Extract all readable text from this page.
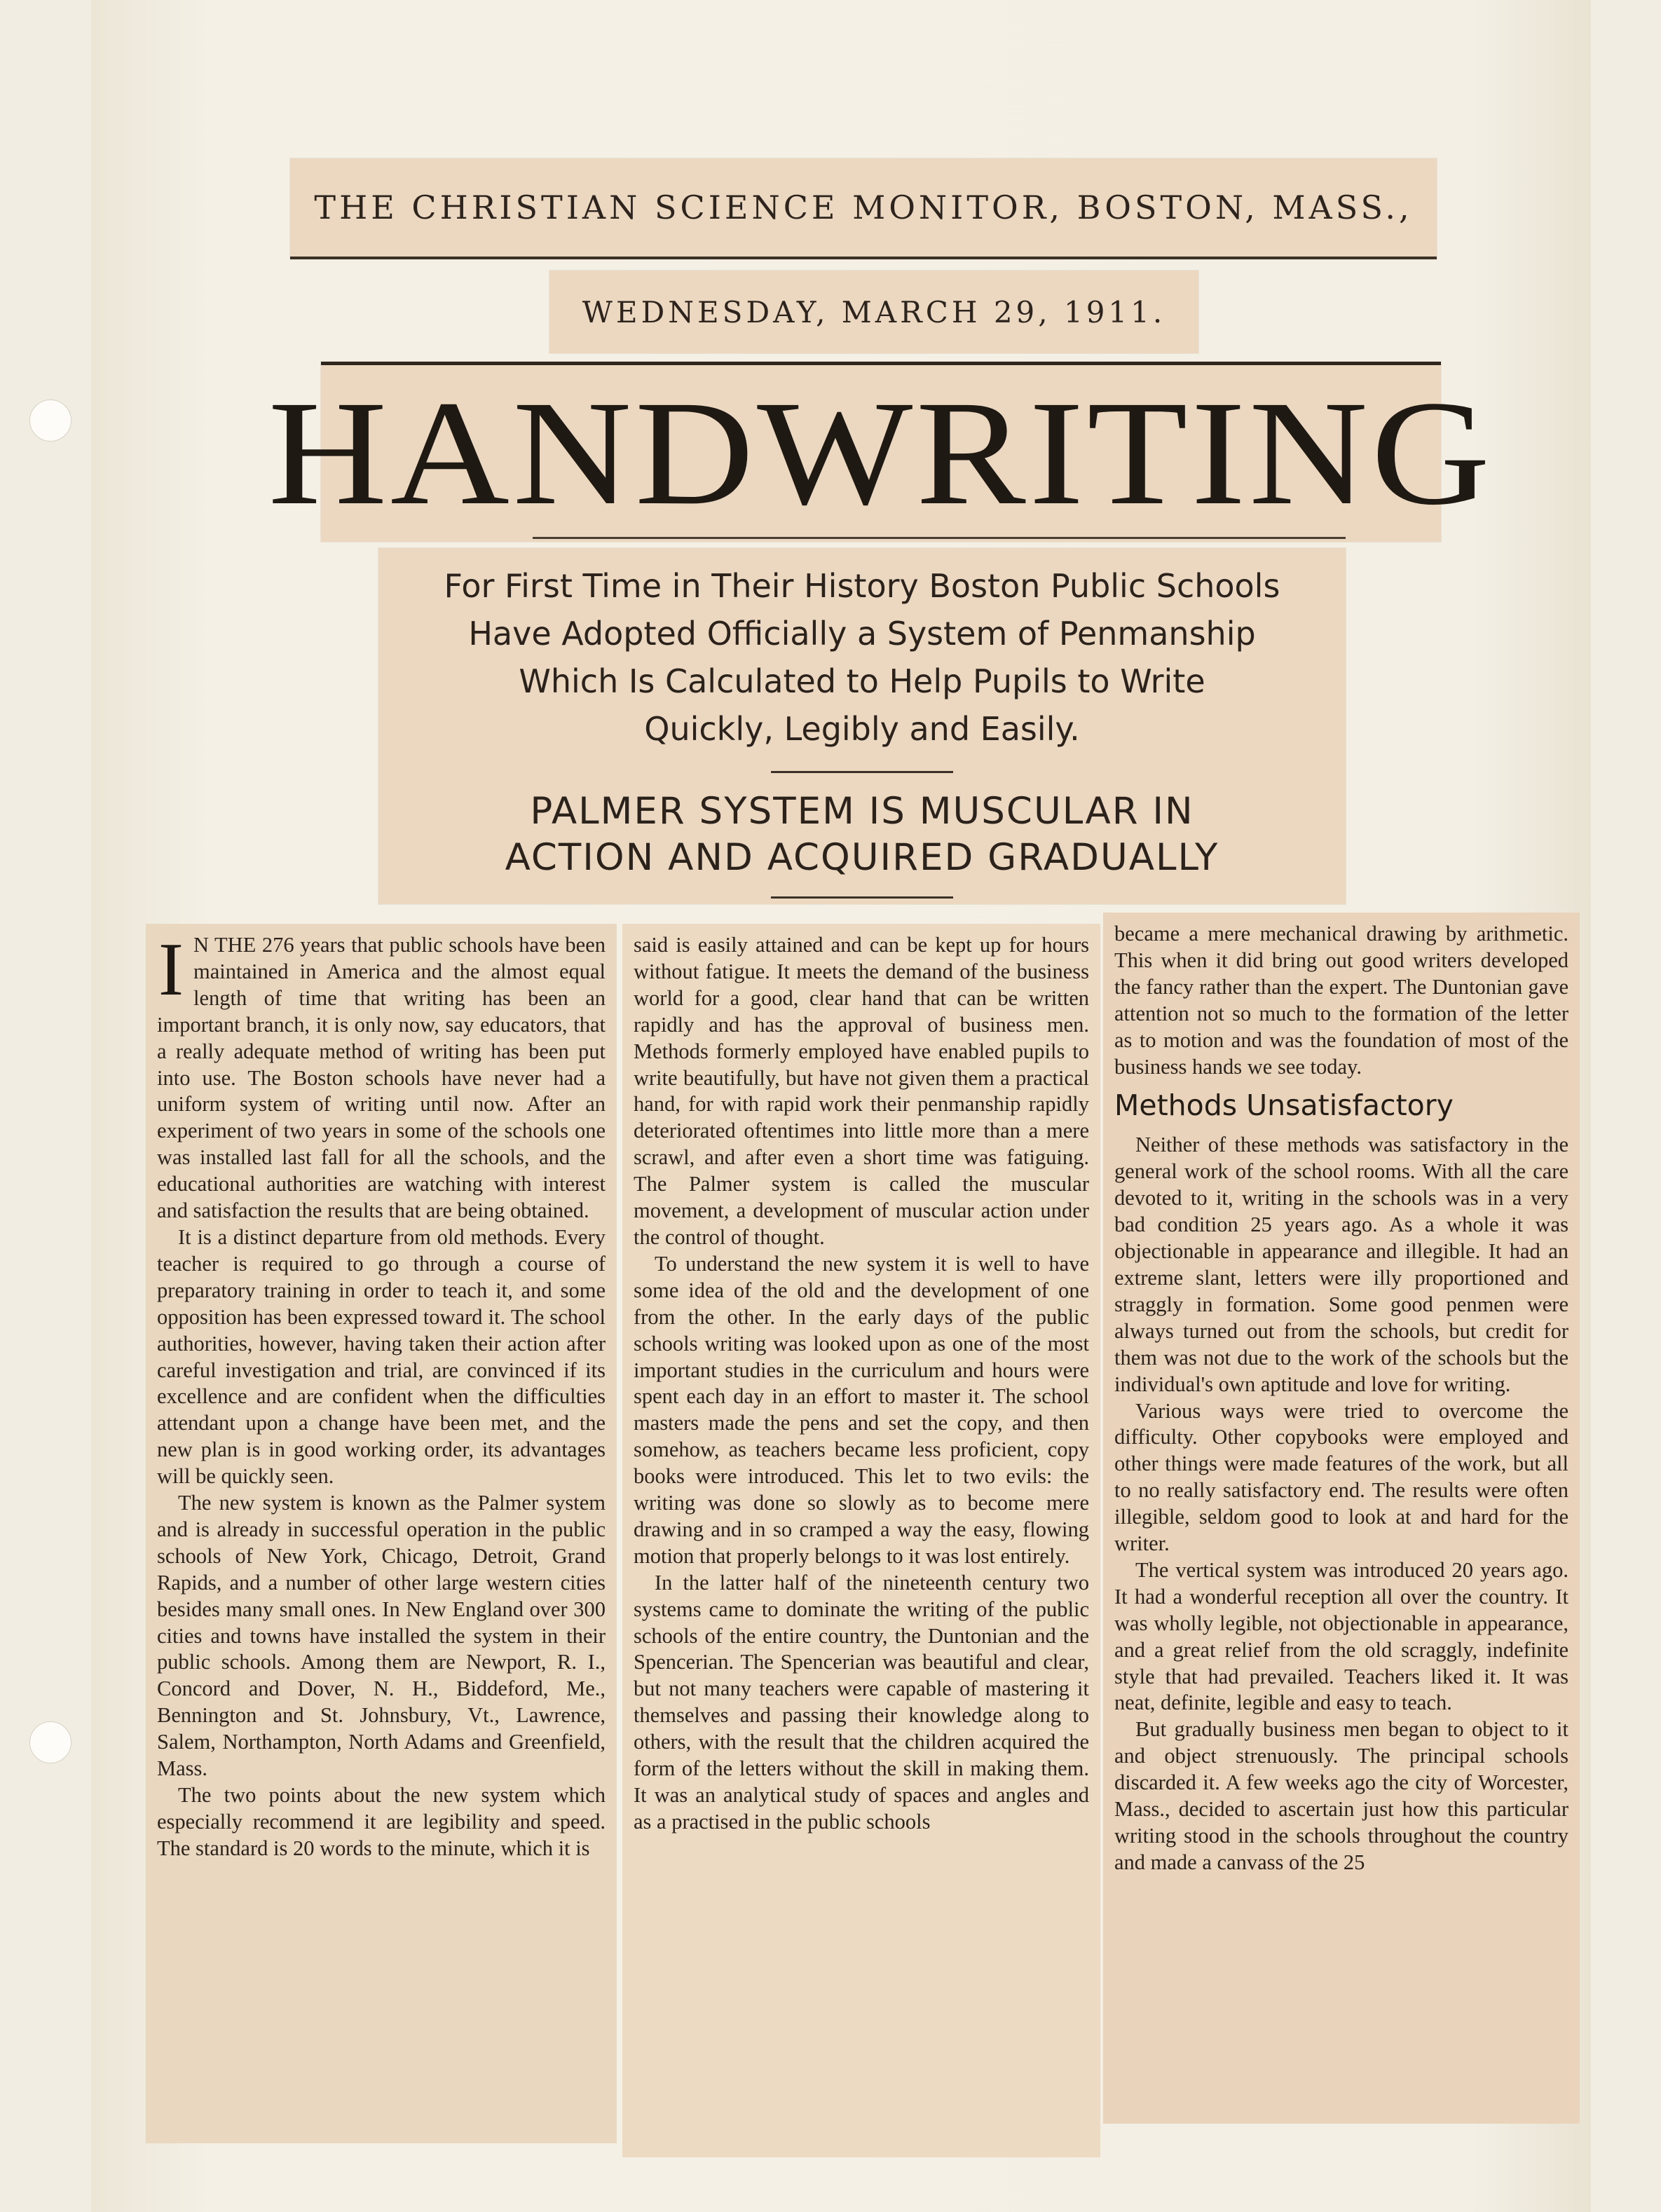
THE CHRISTIAN SCIENCE MONITOR, BOSTON, MASS.,
WEDNESDAY, MARCH 29, 1911.
HANDWRITING
For First Time in Their History Boston Public Schools
Have Adopted Officially a System of Penmanship
Which Is Calculated to Help Pupils to Write
Quickly, Legibly and Easily.
PALMER SYSTEM IS MUSCULAR IN
ACTION AND ACQUIRED GRADUALLY

I N THE 276 years that public schools have been maintained in America and the almost equal length of time that writing has been an important branch, it is only now, say educators, that a really adequate method of writing has been put into use. The Boston schools have never had a uniform system of writing until now. After an experiment of two years in some of the schools one was installed last fall for all the schools, and the educational authorities are watching with interest and satisfaction the results that are being obtained.

It is a distinct departure from old methods. Every teacher is required to go through a course of preparatory training in order to teach it, and some opposition has been expressed toward it. The school authorities, however, having taken their action after careful investigation and trial, are convinced if its excellence and are confident when the difficulties attendant upon a change have been met, and the new plan is in good working order, its advantages will be quickly seen.

The new system is known as the Palmer system and is already in successful operation in the public schools of New York, Chicago, Detroit, Grand Rapids, and a number of other large western cities besides many small ones. In New England over 300 cities and towns have installed the system in their public schools. Among them are Newport, R. I., Concord and Dover, N. H., Biddeford, Me., Bennington and St. Johnsbury, Vt., Lawrence, Salem, Northampton, North Adams and Greenfield, Mass.

The two points about the new system which especially recommend it are legibility and speed. The standard is 20 words to the minute, which it is

said is easily attained and can be kept up for hours without fatigue. It meets the demand of the business world for a good, clear hand that can be written rapidly and has the approval of business men. Methods formerly employed have enabled pupils to write beautifully, but have not given them a practical hand, for with rapid work their penmanship rapidly deteriorated oftentimes into little more than a mere scrawl, and after even a short time was fatiguing. The Palmer system is called the muscular movement, a development of muscular action under the control of thought.

To understand the new system it is well to have some idea of the old and the development of one from the other. In the early days of the public schools writing was looked upon as one of the most important studies in the curriculum and hours were spent each day in an effort to master it. The school masters made the pens and set the copy, and then somehow, as teachers became less proficient, copy books were introduced. This let to two evils: the writing was done so slowly as to become mere drawing and in so cramped a way the easy, flowing motion that properly belongs to it was lost entirely.

In the latter half of the nineteenth century two systems came to dominate the writing of the public schools of the entire country, the Duntonian and the Spencerian. The Spencerian was beautiful and clear, but not many teachers were capable of mastering it themselves and passing their knowledge along to others, with the result that the children acquired the form of the letters without the skill in making them. It was an analytical study of spaces and angles and as a practised in the public schools

became a mere mechanical drawing by arithmetic. This when it did bring out good writers developed the fancy rather than the expert. The Duntonian gave attention not so much to the formation of the letter as to motion and was the foundation of most of the business hands we see today.

Methods Unsatisfactory

Neither of these methods was satisfactory in the general work of the school rooms. With all the care devoted to it, writing in the schools was in a very bad condition 25 years ago. As a whole it was objectionable in appearance and illegible. It had an extreme slant, letters were illy proportioned and straggly in formation. Some good penmen were always turned out from the schools, but credit for them was not due to the work of the schools but the individual's own aptitude and love for writing.

Various ways were tried to overcome the difficulty. Other copybooks were employed and other things were made features of the work, but all to no really satisfactory end. The results were often illegible, seldom good to look at and hard for the writer.

The vertical system was introduced 20 years ago. It had a wonderful reception all over the country. It was wholly legible, not objectionable in appearance, and a great relief from the old scraggly, indefinite style that had prevailed. Teachers liked it. It was neat, definite, legible and easy to teach.

But gradually business men began to object to it and object strenuously. The principal schools discarded it. A few weeks ago the city of Worcester, Mass., decided to ascertain just how this particular writing stood in the schools throughout the country and made a canvass of the 25
